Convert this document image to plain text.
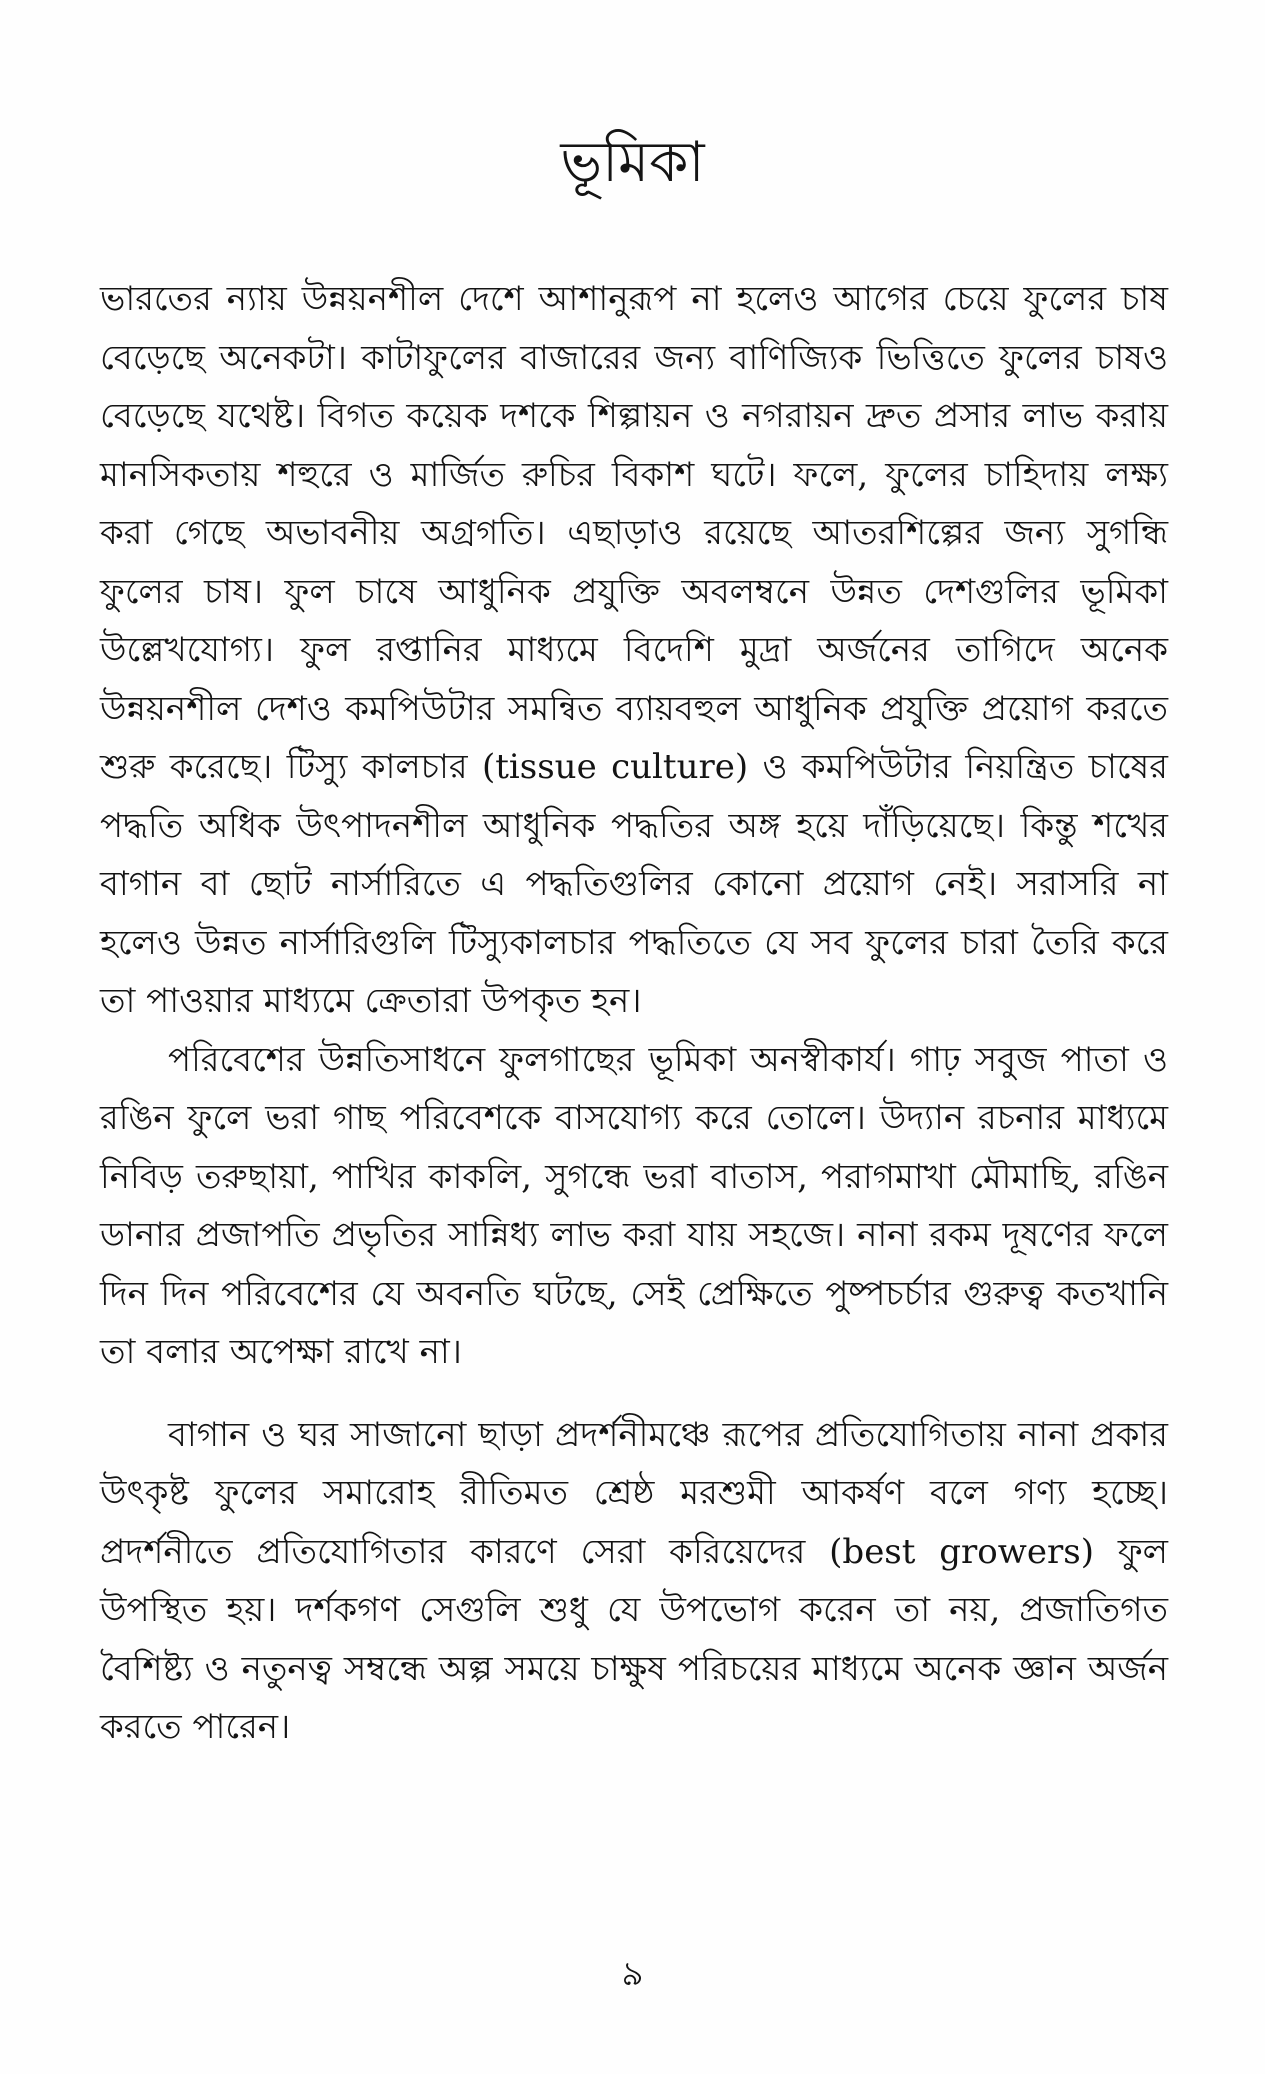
ভূমিকা

ভারতের ন্যায় উন্নয়নশীল দেশে আশানুরূপ না হলেও আগের চেয়ে ফুলের চাষ বেড়েছে অনেকটা। কাটাফুলের বাজারের জন্য বাণিজ্যিক ভিত্তিতে ফুলের চাষও বেড়েছে যথেষ্ট। বিগত কয়েক দশকে শিল্পায়ন ও নগরায়ন দ্রুত প্রসার লাভ করায় মানসিকতায় শহুরে ও মার্জিত রুচির বিকাশ ঘটে। ফলে, ফুলের চাহিদায় লক্ষ্য করা গেছে অভাবনীয় অগ্রগতি। এছাড়াও রয়েছে আতরশিল্পের জন্য সুগন্ধি ফুলের চাষ। ফুল চাষে আধুনিক প্রযুক্তি অবলম্বনে উন্নত দেশগুলির ভূমিকা উল্লেখযোগ্য। ফুল রপ্তানির মাধ্যমে বিদেশি মুদ্রা অর্জনের তাগিদে অনেক উন্নয়নশীল দেশও কমপিউটার সমন্বিত ব্যায়বহুল আধুনিক প্রযুক্তি প্রয়োগ করতে শুরু করেছে। টিস্যু কালচার (tissue culture) ও কমপিউটার নিয়ন্ত্রিত চাষের পদ্ধতি অধিক উৎপাদনশীল আধুনিক পদ্ধতির অঙ্গ হয়ে দাঁড়িয়েছে। কিন্তু শখের বাগান বা ছোট নার্সারিতে এ পদ্ধতিগুলির কোনো প্রয়োগ নেই। সরাসরি না হলেও উন্নত নার্সারিগুলি টিস্যুকালচার পদ্ধতিতে যে সব ফুলের চারা তৈরি করে তা পাওয়ার মাধ্যমে ক্রেতারা উপকৃত হন।

পরিবেশের উন্নতিসাধনে ফুলগাছের ভূমিকা অনস্বীকার্য। গাঢ় সবুজ পাতা ও রঙিন ফুলে ভরা গাছ পরিবেশকে বাসযোগ্য করে তোলে। উদ্যান রচনার মাধ্যমে নিবিড় তরুছায়া, পাখির কাকলি, সুগন্ধে ভরা বাতাস, পরাগমাখা মৌমাছি, রঙিন ডানার প্রজাপতি প্রভৃতির সান্নিধ্য লাভ করা যায় সহজে। নানা রকম দূষণের ফলে দিন দিন পরিবেশের যে অবনতি ঘটছে, সেই প্রেক্ষিতে পুষ্পচর্চার গুরুত্ব কতখানি তা বলার অপেক্ষা রাখে না।

বাগান ও ঘর সাজানো ছাড়া প্রদর্শনীমঞ্চে রূপের প্রতিযোগিতায় নানা প্রকার উৎকৃষ্ট ফুলের সমারোহ রীতিমত শ্রেষ্ঠ মরশুমী আকর্ষণ বলে গণ্য হচ্ছে। প্রদর্শনীতে প্রতিযোগিতার কারণে সেরা করিয়েদের (best growers) ফুল উপস্থিত হয়। দর্শকগণ সেগুলি শুধু যে উপভোগ করেন তা নয়, প্রজাতিগত বৈশিষ্ট্য ও নতুনত্ব সম্বন্ধে অল্প সময়ে চাক্ষুষ পরিচয়ের মাধ্যমে অনেক জ্ঞান অর্জন করতে পারেন।

৯
